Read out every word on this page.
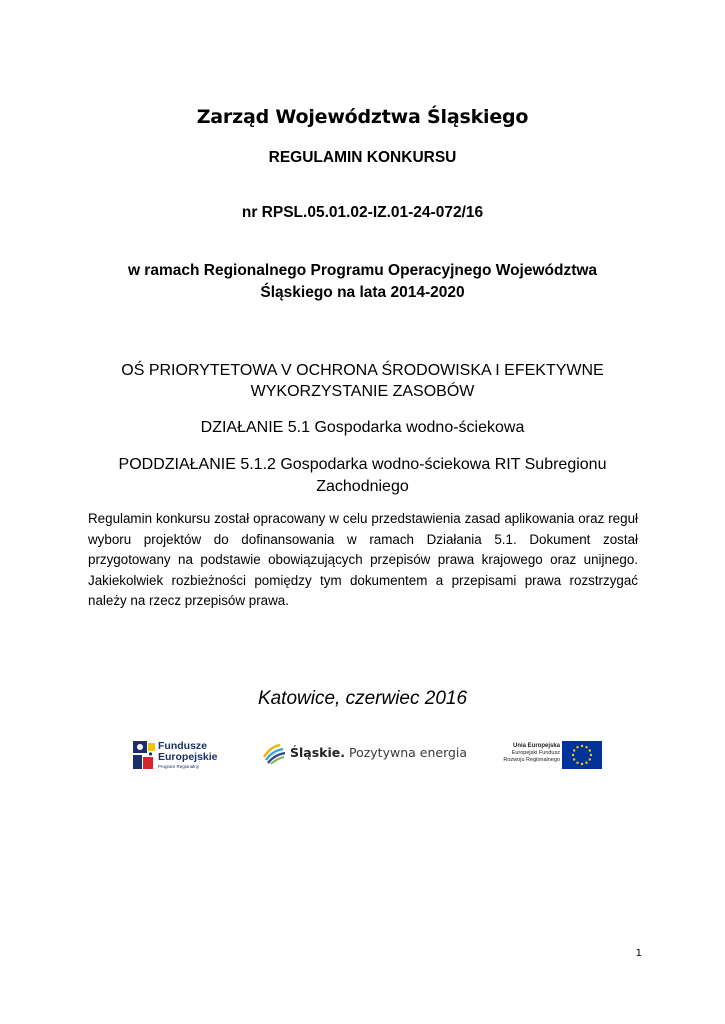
Zarząd Województwa Śląskiego
REGULAMIN KONKURSU
nr RPSL.05.01.02-IZ.01-24-072/16
w ramach Regionalnego Programu Operacyjnego Województwa Śląskiego na lata 2014-2020
OŚ PRIORYTETOWA V OCHRONA ŚRODOWISKA I EFEKTYWNE WYKORZYSTANIE ZASOBÓW
DZIAŁANIE 5.1 Gospodarka wodno-ściekowa
PODDZIAŁANIE 5.1.2 Gospodarka wodno-ściekowa RIT Subregionu Zachodniego
Regulamin konkursu został opracowany w celu przedstawienia zasad aplikowania oraz reguł wyboru projektów do dofinansowania w ramach Działania 5.1. Dokument został przygotowany na podstawie obowiązujących przepisów prawa krajowego oraz unijnego. Jakiekolwiek rozbieżności pomiędzy tym dokumentem a przepisami prawa rozstrzygać należy na rzecz przepisów prawa.
Katowice, czerwiec 2016
Fundusze
Europejskie
Program Regionalny
Śląskie. Pozytywna energia	Unia Europejska
Europejski Fundusz
Rozwoju Regionalnego
1
